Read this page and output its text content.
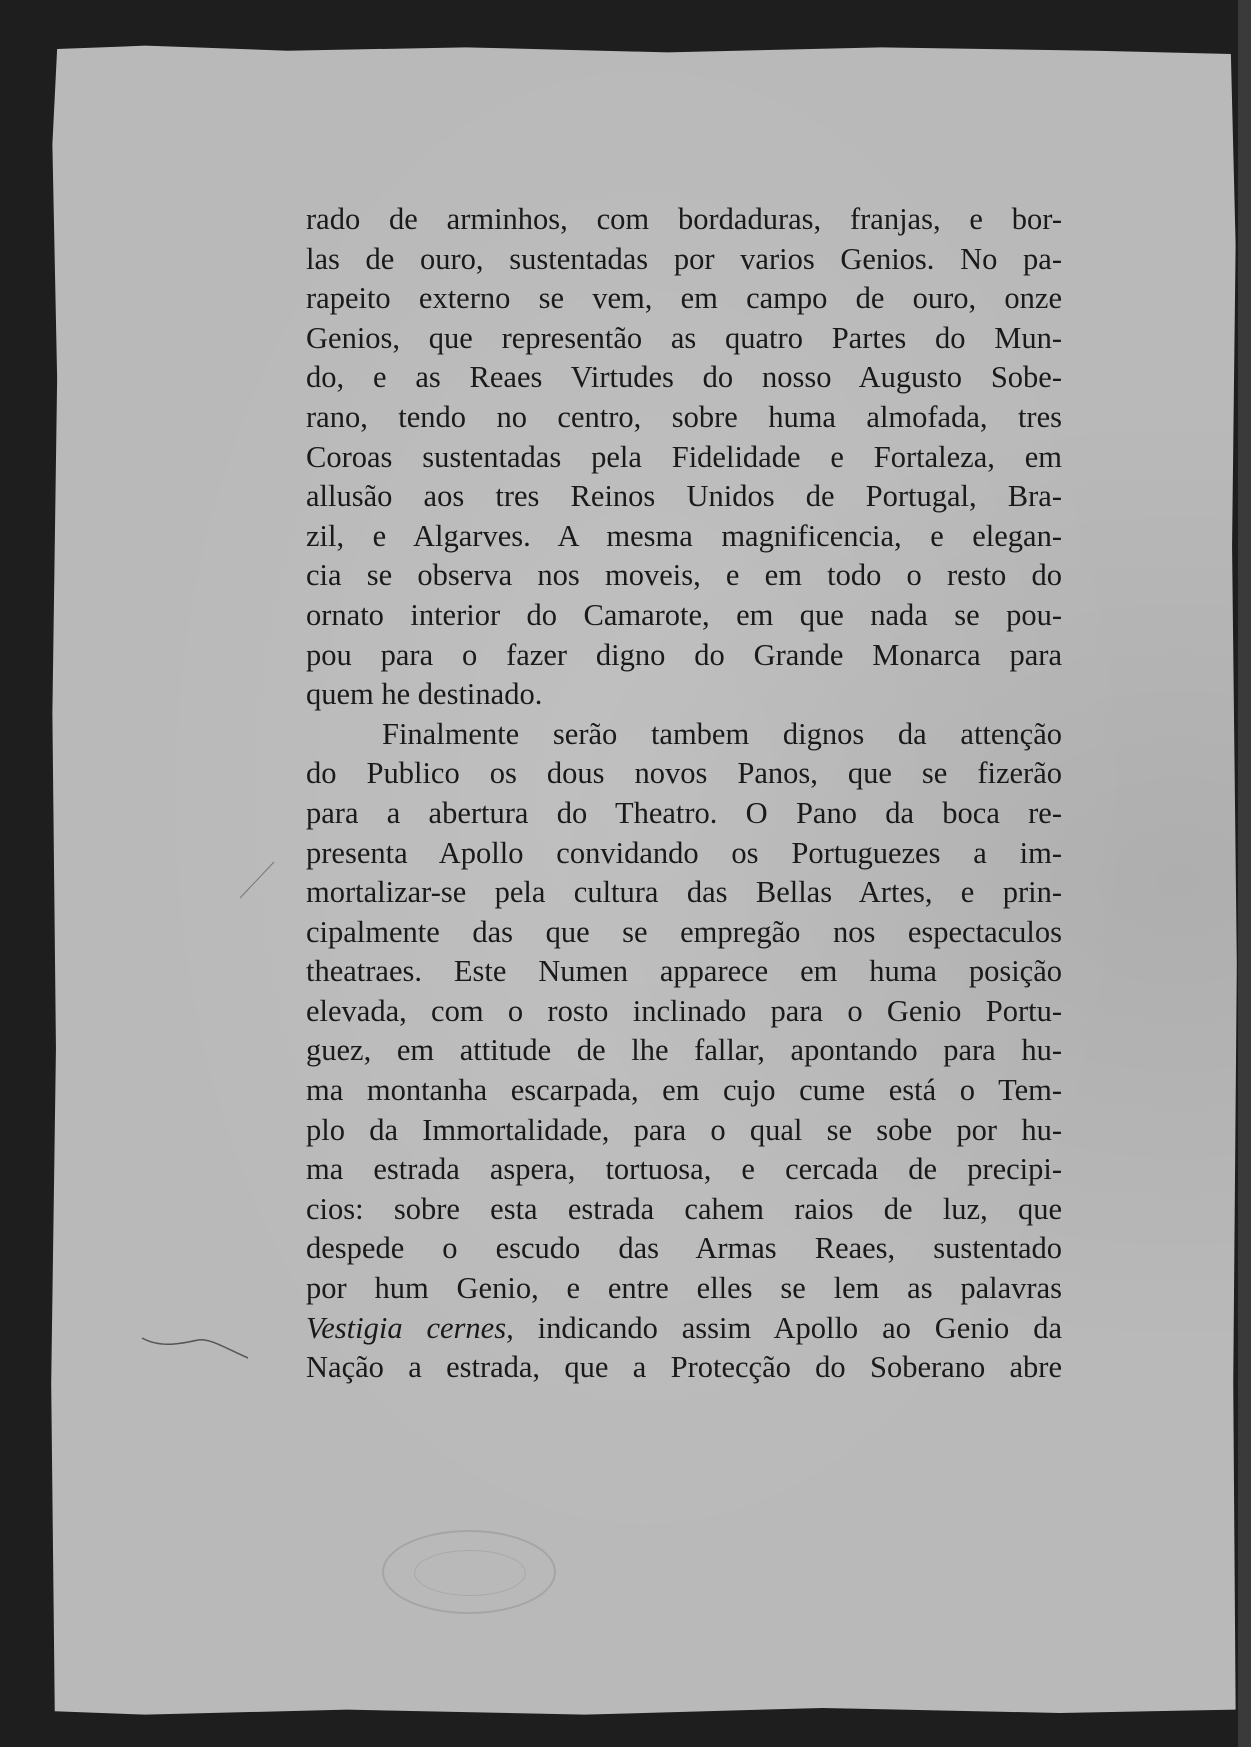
rado de arminhos, com bordaduras, franjas, e bor-
las de ouro, sustentadas por varios Genios. No pa-
rapeito externo se vem, em campo de ouro, onze
Genios, que representão as quatro Partes do Mun-
do, e as Reaes Virtudes do nosso Augusto Sobe-
rano, tendo no centro, sobre huma almofada, tres
Coroas sustentadas pela Fidelidade e Fortaleza, em
allusão aos tres Reinos Unidos de Portugal, Bra-
zil, e Algarves. A mesma magnificencia, e elegan-
cia se observa nos moveis, e em todo o resto do
ornato interior do Camarote, em que nada se pou-
pou para o fazer digno do Grande Monarca para
quem he destinado.
Finalmente serão tambem dignos da attenção
do Publico os dous novos Panos, que se fizerão
para a abertura do Theatro. O Pano da boca re-
presenta Apollo convidando os Portuguezes a im-
mortalizar-se pela cultura das Bellas Artes, e prin-
cipalmente das que se empregão nos espectaculos
theatraes. Este Numen apparece em huma posição
elevada, com o rosto inclinado para o Genio Portu-
guez, em attitude de lhe fallar, apontando para hu-
ma montanha escarpada, em cujo cume está o Tem-
plo da Immortalidade, para o qual se sobe por hu-
ma estrada aspera, tortuosa, e cercada de precipi-
cios: sobre esta estrada cahem raios de luz, que
despede o escudo das Armas Reaes, sustentado
por hum Genio, e entre elles se lem as palavras
Vestigia cernes, indicando assim Apollo ao Genio da
Nação a estrada, que a Protecção do Soberano abre
